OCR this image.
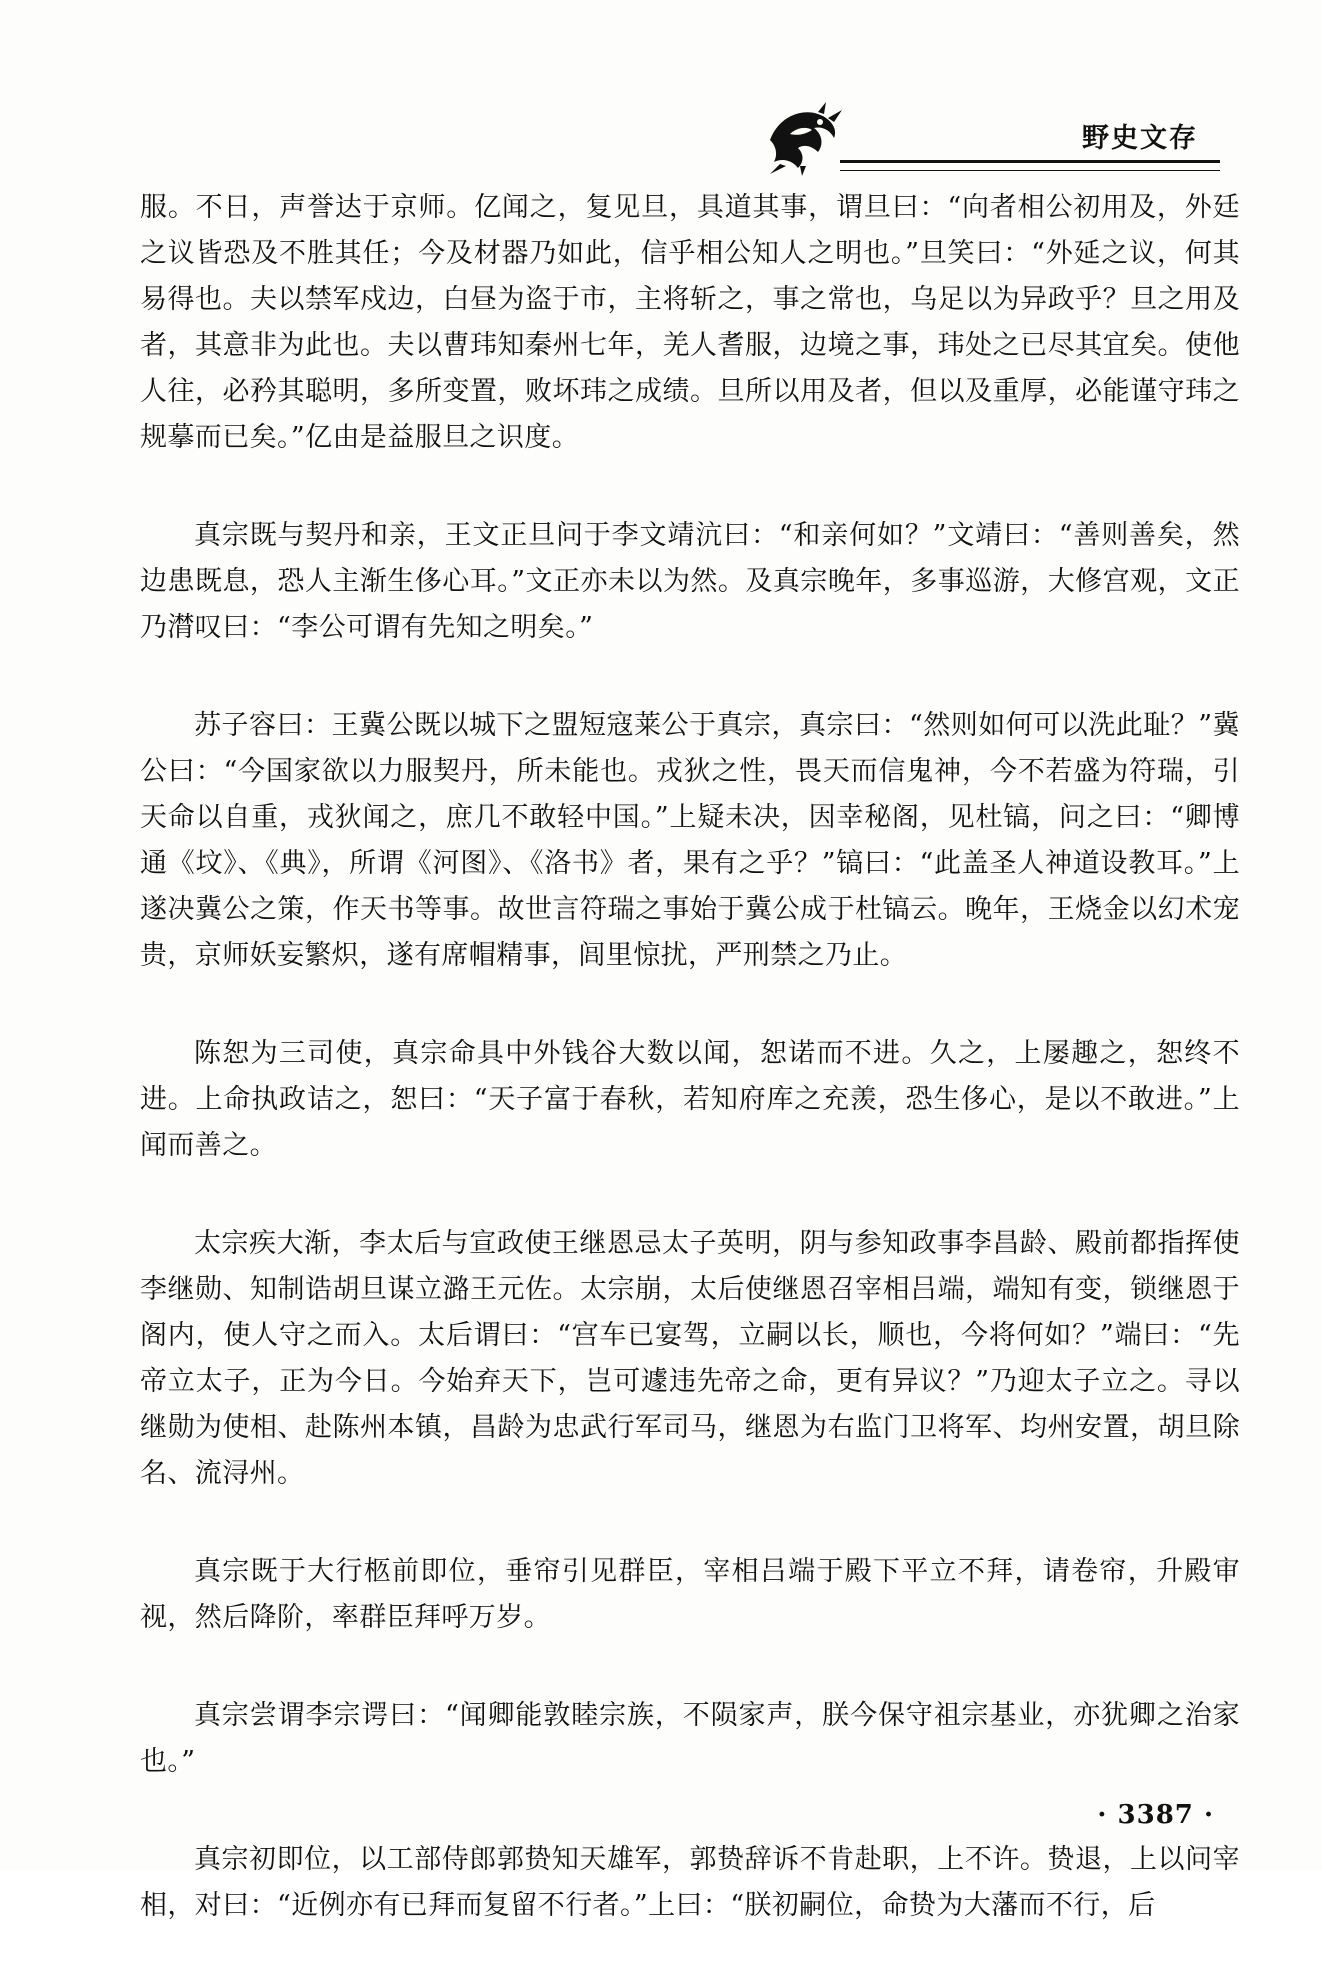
野史文存

服。不日，声誉达于京师。亿闻之，复见旦，具道其事，谓旦曰：“向者相公初用及，外廷之议皆恐及不胜其任；今及材器乃如此，信乎相公知人之明也。”旦笑曰：“外延之议，何其易得也。夫以禁军戍边，白昼为盗于市，主将斩之，事之常也，乌足以为异政乎？旦之用及者，其意非为此也。夫以曹玮知秦州七年，羌人耆服，边境之事，玮处之已尽其宜矣。使他人往，必矜其聪明，多所变置，败坏玮之成绩。旦所以用及者，但以及重厚，必能谨守玮之规摹而已矣。”亿由是益服旦之识度。

真宗既与契丹和亲，王文正旦问于李文靖沆曰：“和亲何如？”文靖曰：“善则善矣，然边患既息，恐人主渐生侈心耳。”文正亦未以为然。及真宗晚年，多事巡游，大修宫观，文正乃潸叹曰：“李公可谓有先知之明矣。”

苏子容曰：王冀公既以城下之盟短寇莱公于真宗，真宗曰：“然则如何可以洗此耻？”冀公曰：“今国家欲以力服契丹，所未能也。戎狄之性，畏天而信鬼神，今不若盛为符瑞，引天命以自重，戎狄闻之，庶几不敢轻中国。”上疑未决，因幸秘阁，见杜镐，问之曰：“卿博通《坟》、《典》，所谓《河图》、《洛书》者，果有之乎？”镐曰：“此盖圣人神道设教耳。”上遂决冀公之策，作天书等事。故世言符瑞之事始于冀公成于杜镐云。晚年，王烧金以幻术宠贵，京师妖妄繁炽，遂有席帽精事，闾里惊扰，严刑禁之乃止。

陈恕为三司使，真宗命具中外钱谷大数以闻，恕诺而不进。久之，上屡趣之，恕终不进。上命执政诘之，恕曰：“天子富于春秋，若知府库之充羡，恐生侈心，是以不敢进。”上闻而善之。

太宗疾大渐，李太后与宣政使王继恩忌太子英明，阴与参知政事李昌龄、殿前都指挥使李继勋、知制诰胡旦谋立潞王元佐。太宗崩，太后使继恩召宰相吕端，端知有变，锁继恩于阁内，使人守之而入。太后谓曰：“宫车已宴驾，立嗣以长，顺也，今将何如？”端曰：“先帝立太子，正为今日。今始弃天下，岂可遽违先帝之命，更有异议？”乃迎太子立之。寻以继勋为使相、赴陈州本镇，昌龄为忠武行军司马，继恩为右监门卫将军、均州安置，胡旦除名、流浔州。

真宗既于大行柩前即位，垂帘引见群臣，宰相吕端于殿下平立不拜，请卷帘，升殿审视，然后降阶，率群臣拜呼万岁。

真宗尝谓李宗谔曰：“闻卿能敦睦宗族，不陨家声，朕今保守祖宗基业，亦犹卿之治家也。”

真宗初即位，以工部侍郎郭贽知天雄军，郭贽辞诉不肯赴职，上不许。贽退，上以问宰相，对曰：“近例亦有已拜而复留不行者。”上曰：“朕初嗣位，命贽为大藩而不行，后

· 3387 ·
